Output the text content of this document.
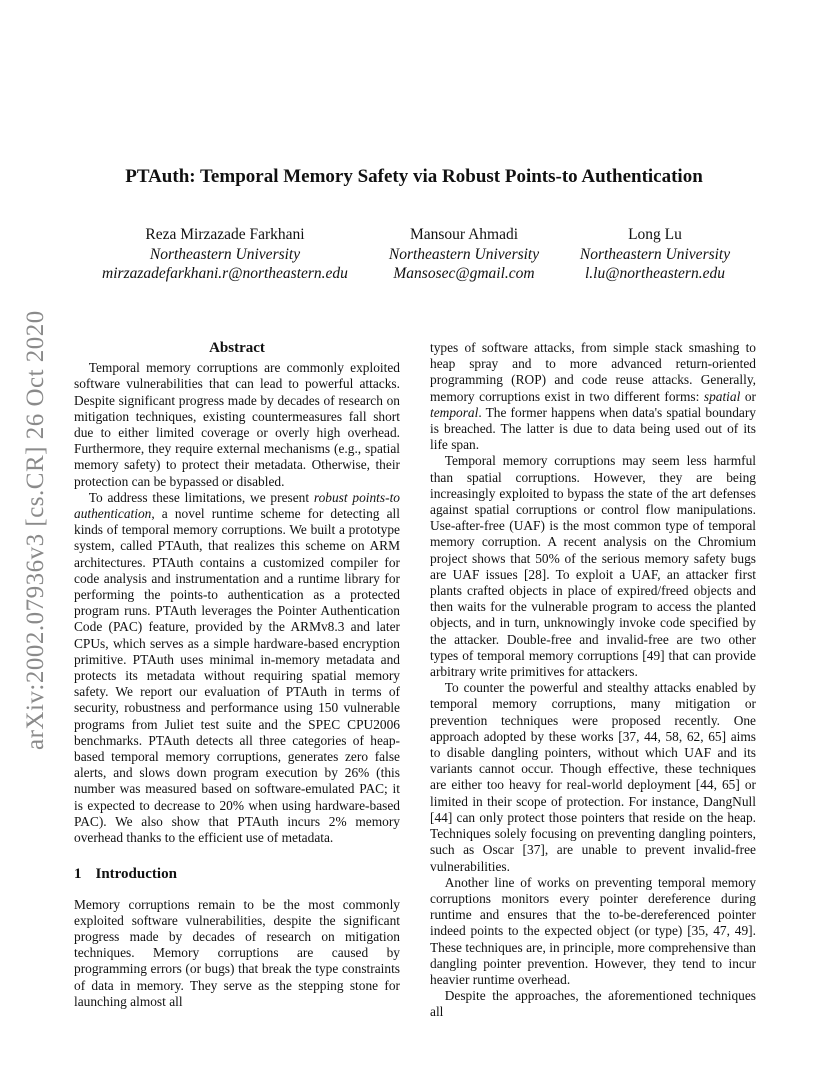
arXiv:2002.07936v3 [cs.CR] 26 Oct 2020
PTAuth: Temporal Memory Safety via Robust Points-to Authentication
Reza Mirzazade Farkhani
Northeastern University
mirzazadefarkhani.r@northeastern.edu
Mansour Ahmadi
Northeastern University
Mansosec@gmail.com
Long Lu
Northeastern University
l.lu@northeastern.edu
Abstract

Temporal memory corruptions are commonly exploited software vulnerabilities that can lead to powerful attacks. Despite significant progress made by decades of research on mitigation techniques, existing countermeasures fall short due to either limited coverage or overly high overhead. Furthermore, they require external mechanisms (e.g., spatial memory safety) to protect their metadata. Otherwise, their protection can be bypassed or disabled.

To address these limitations, we present robust points-to authentication, a novel runtime scheme for detecting all kinds of temporal memory corruptions. We built a prototype system, called PTAuth, that realizes this scheme on ARM architectures. PTAuth contains a customized compiler for code analysis and instrumentation and a runtime library for performing the points-to authentication as a protected program runs. PTAuth leverages the Pointer Authentication Code (PAC) feature, provided by the ARMv8.3 and later CPUs, which serves as a simple hardware-based encryption primitive. PTAuth uses minimal in-memory metadata and protects its metadata without requiring spatial memory safety. We report our evaluation of PTAuth in terms of security, robustness and performance using 150 vulnerable programs from Juliet test suite and the SPEC CPU2006 benchmarks. PTAuth detects all three categories of heap-based temporal memory corruptions, generates zero false alerts, and slows down program execution by 26% (this number was measured based on software-emulated PAC; it is expected to decrease to 20% when using hardware-based PAC). We also show that PTAuth incurs 2% memory overhead thanks to the efficient use of metadata.

1 Introduction

Memory corruptions remain to be the most commonly exploited software vulnerabilities, despite the significant progress made by decades of research on mitigation techniques. Memory corruptions are caused by programming errors (or bugs) that break the type constraints of data in memory. They serve as the stepping stone for launching almost all

types of software attacks, from simple stack smashing to heap spray and to more advanced return-oriented programming (ROP) and code reuse attacks. Generally, memory corruptions exist in two different forms: spatial or temporal. The former happens when data's spatial boundary is breached. The latter is due to data being used out of its life span.

Temporal memory corruptions may seem less harmful than spatial corruptions. However, they are being increasingly exploited to bypass the state of the art defenses against spatial corruptions or control flow manipulations. Use-after-free (UAF) is the most common type of temporal memory corruption. A recent analysis on the Chromium project shows that 50% of the serious memory safety bugs are UAF issues [28]. To exploit a UAF, an attacker first plants crafted objects in place of expired/freed objects and then waits for the vulnerable program to access the planted objects, and in turn, unknowingly invoke code specified by the attacker. Double-free and invalid-free are two other types of temporal memory corruptions [49] that can provide arbitrary write primitives for attackers.

To counter the powerful and stealthy attacks enabled by temporal memory corruptions, many mitigation or prevention techniques were proposed recently. One approach adopted by these works [37, 44, 58, 62, 65] aims to disable dangling pointers, without which UAF and its variants cannot occur. Though effective, these techniques are either too heavy for real-world deployment [44, 65] or limited in their scope of protection. For instance, DangNull [44] can only protect those pointers that reside on the heap. Techniques solely focusing on preventing dangling pointers, such as Oscar [37], are unable to prevent invalid-free vulnerabilities.

Another line of works on preventing temporal memory corruptions monitors every pointer dereference during runtime and ensures that the to-be-dereferenced pointer indeed points to the expected object (or type) [35, 47, 49]. These techniques are, in principle, more comprehensive than dangling pointer prevention. However, they tend to incur heavier runtime overhead.

Despite the approaches, the aforementioned techniques all
